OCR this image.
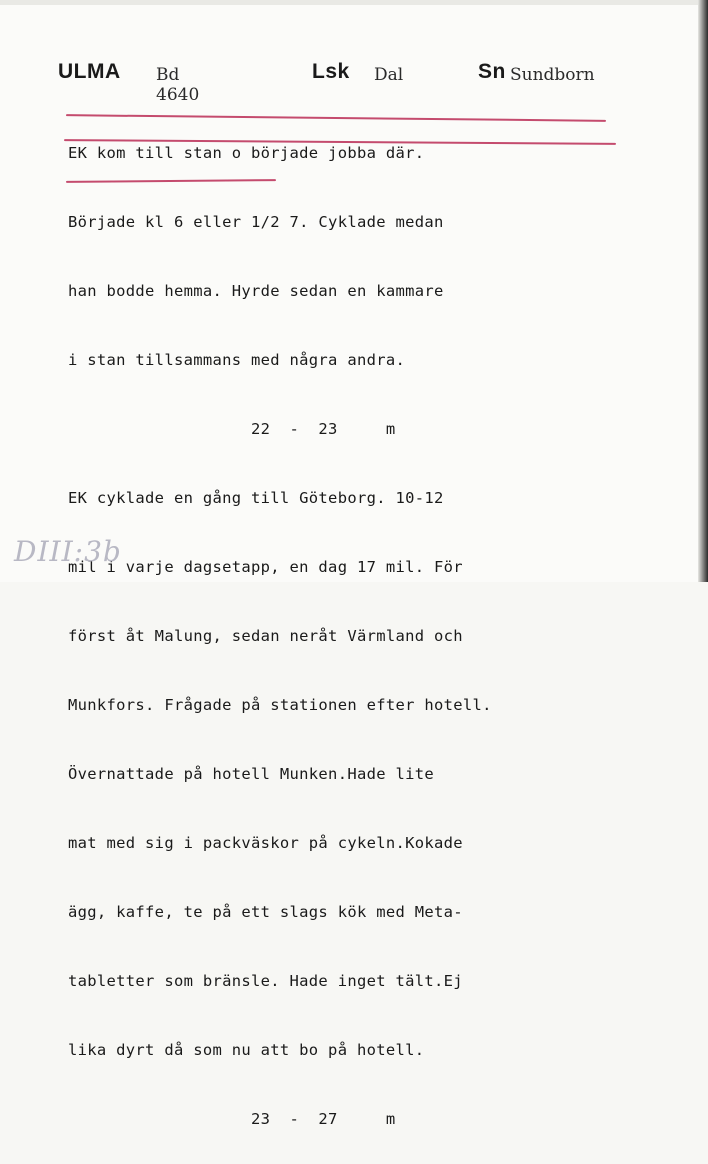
ULMA Bd 4640
Lsk Dal	Sn Sundborn

EK kom till stan o började jobba där.

Började kl 6 eller 1/2 7. Cyklade medan

han bodde hemma. Hyrde sedan en kammare

i stan tillsammans med några andra.

22  -  23     m

EK cyklade en gång till Göteborg. 10-12

mil i varje dagsetapp, en dag 17 mil. För

först åt Malung, sedan neråt Värmland och

Munkfors. Frågade på stationen efter hotell.

Övernattade på hotell Munken.Hade lite

mat med sig i packväskor på cykeln.Kokade

ägg, kaffe, te på ett slags kök med Meta-

tabletter som bränsle. Hade inget tält.Ej

lika dyrt då som nu att bo på hotell.

23  -  27     m

DIII:3b
